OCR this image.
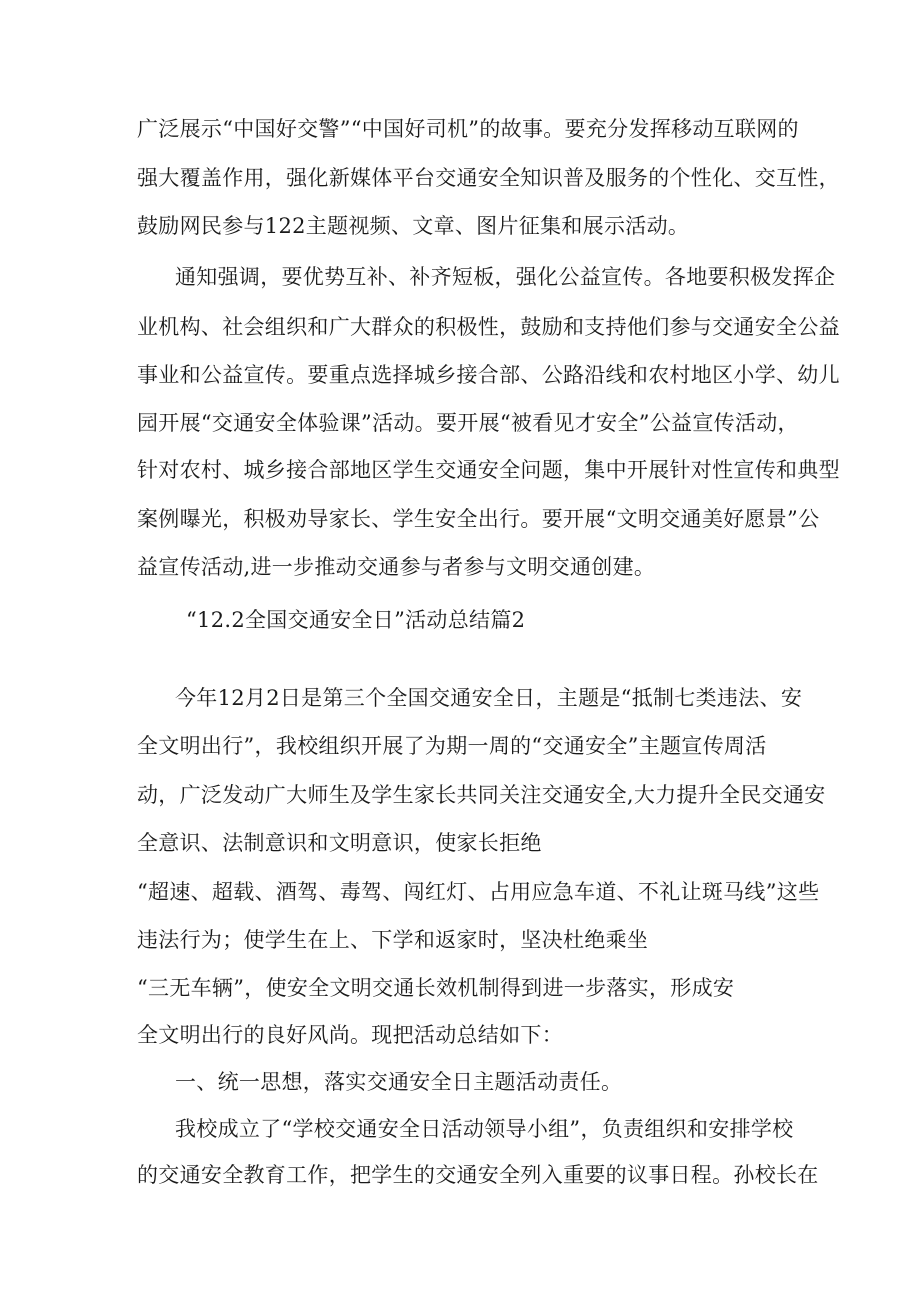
广泛展示“中国好交警”“中国好司机”的故事。要充分发挥移动互联网的
强大覆盖作用，强化新媒体平台交通安全知识普及服务的个性化、交互性，
鼓励网民参与122主题视频、文章、图片征集和展示活动。
通知强调，要优势互补、补齐短板，强化公益宣传。各地要积极发挥企
业机构、社会组织和广大群众的积极性，鼓励和支持他们参与交通安全公益
事业和公益宣传。要重点选择城乡接合部、公路沿线和农村地区小学、幼儿
园开展“交通安全体验课”活动。要开展“被看见才安全”公益宣传活动，
针对农村、城乡接合部地区学生交通安全问题，集中开展针对性宣传和典型
案例曝光，积极劝导家长、学生安全出行。要开展“文明交通美好愿景”公
益宣传活动,进一步推动交通参与者参与文明交通创建。
“12.2全国交通安全日”活动总结篇2
今年12月2日是第三个全国交通安全日，主题是“抵制七类违法、安
全文明出行”，我校组织开展了为期一周的“交通安全”主题宣传周活
动，广泛发动广大师生及学生家长共同关注交通安全,大力提升全民交通安
全意识、法制意识和文明意识，使家长拒绝
“超速、超载、酒驾、毒驾、闯红灯、占用应急车道、不礼让斑马线”这些
违法行为；使学生在上、下学和返家时，坚决杜绝乘坐
“三无车辆”，使安全文明交通长效机制得到进一步落实，形成安
全文明出行的良好风尚。现把活动总结如下：
一、统一思想，落实交通安全日主题活动责任。
我校成立了“学校交通安全日活动领导小组”，负责组织和安排学校
的交通安全教育工作，把学生的交通安全列入重要的议事日程。孙校长在
